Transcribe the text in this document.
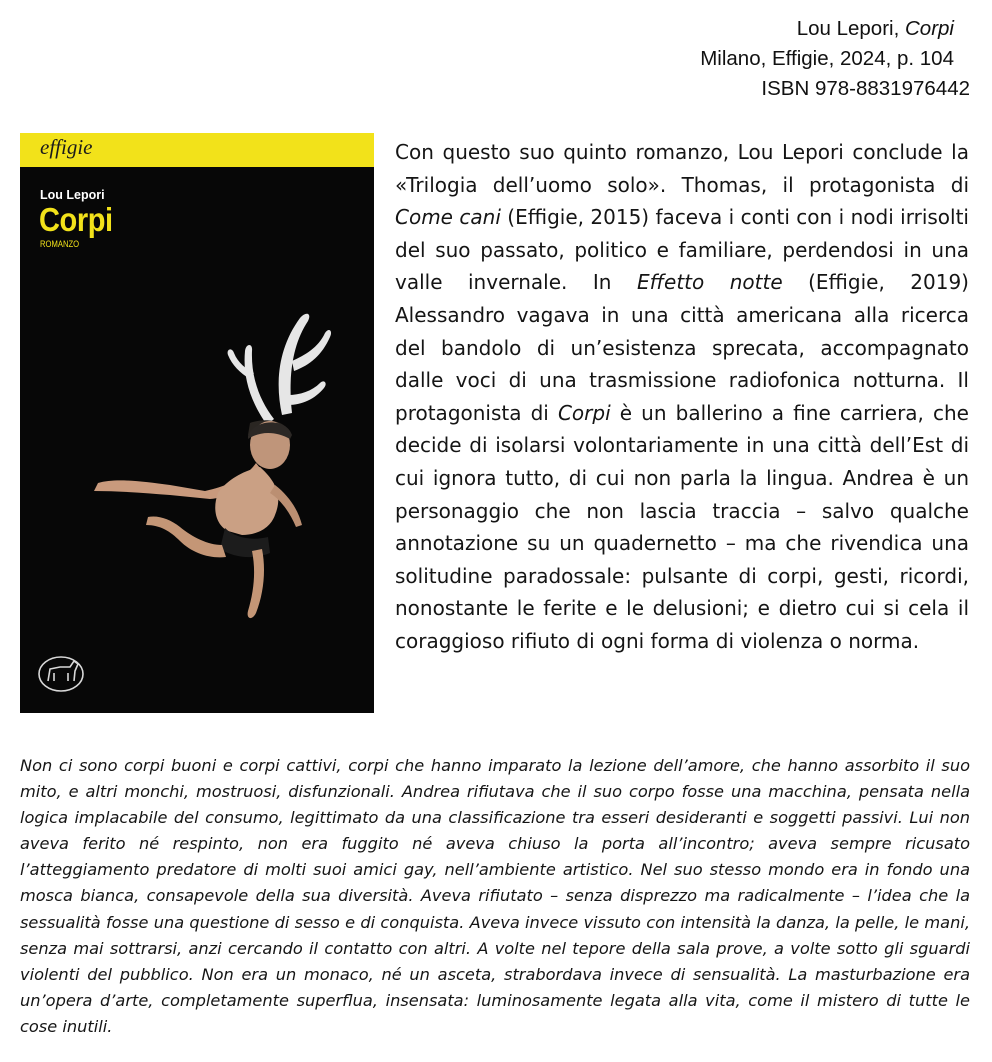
Lou Lepori, Corpi
Milano, Effigie, 2024, p. 104
ISBN 978-8831976442
effigie
Lou Lepori
Corpi
ROMANZO
Con questo suo quinto romanzo, Lou Lepori conclude la «Trilogia dell’uomo solo». Thomas, il protagonista di Come cani (Effigie, 2015) faceva i conti con i nodi irrisolti del suo passato, politico e familiare, perdendosi in una valle invernale. In Effetto notte (Effigie, 2019) Alessandro vagava in una città americana alla ricerca del bandolo di un’esistenza sprecata, accompagnato dalle voci di una trasmissione radiofonica notturna. Il protagonista di Corpi è un ballerino a fine carriera, che decide di isolarsi volontariamente in una città dell’Est di cui ignora tutto, di cui non parla la lingua. Andrea è un personaggio che non lascia traccia – salvo qualche annotazione su un quadernetto – ma che rivendica una solitudine paradossale: pulsante di corpi, gesti, ricordi, nonostante le ferite e le delusioni; e dietro cui si cela il coraggioso rifiuto di ogni forma di violenza o norma.
Non ci sono corpi buoni e corpi cattivi, corpi che hanno imparato la lezione dell’amore, che hanno assorbito il suo mito, e altri monchi, mostruosi, disfunzionali. Andrea rifiutava che il suo corpo fosse una macchina, pensata nella logica implacabile del consumo, legittimato da una classificazione tra esseri desideranti e soggetti passivi. Lui non aveva ferito né respinto, non era fuggito né aveva chiuso la porta all’incontro; aveva sempre ricusato l’atteggiamento predatore di molti suoi amici gay, nell’ambiente artistico. Nel suo stesso mondo era in fondo una mosca bianca, consapevole della sua diversità. Aveva rifiutato – senza disprezzo ma radicalmente – l’idea che la sessualità fosse una questione di sesso e di conquista. Aveva invece vissuto con intensità la danza, la pelle, le mani, senza mai sottrarsi, anzi cercando il contatto con altri. A volte nel tepore della sala prove, a volte sotto gli sguardi violenti del pubblico. Non era un monaco, né un asceta, strabordava invece di sensualità. La masturbazione era un’opera d’arte, completamente superflua, insensata: luminosamente legata alla vita, come il mistero di tutte le cose inutili.
